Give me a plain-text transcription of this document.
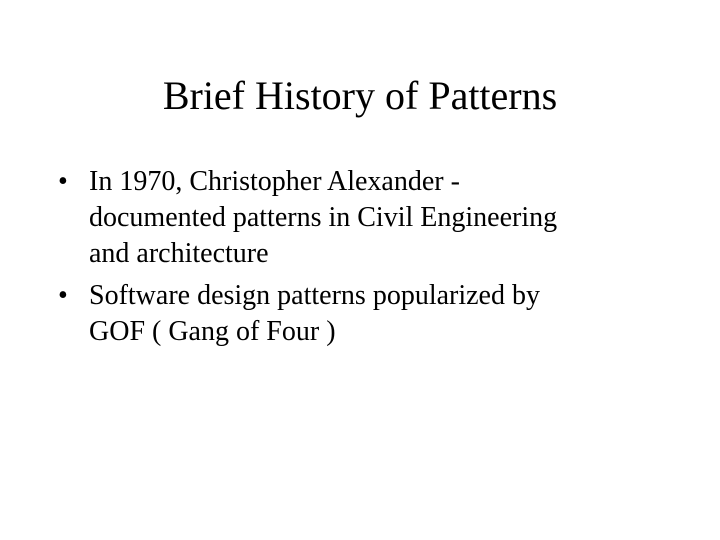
Brief History of Patterns
• In 1970, Christopher Alexander -
documented patterns in Civil Engineering
and architecture
• Software design patterns popularized by
GOF ( Gang of Four )
